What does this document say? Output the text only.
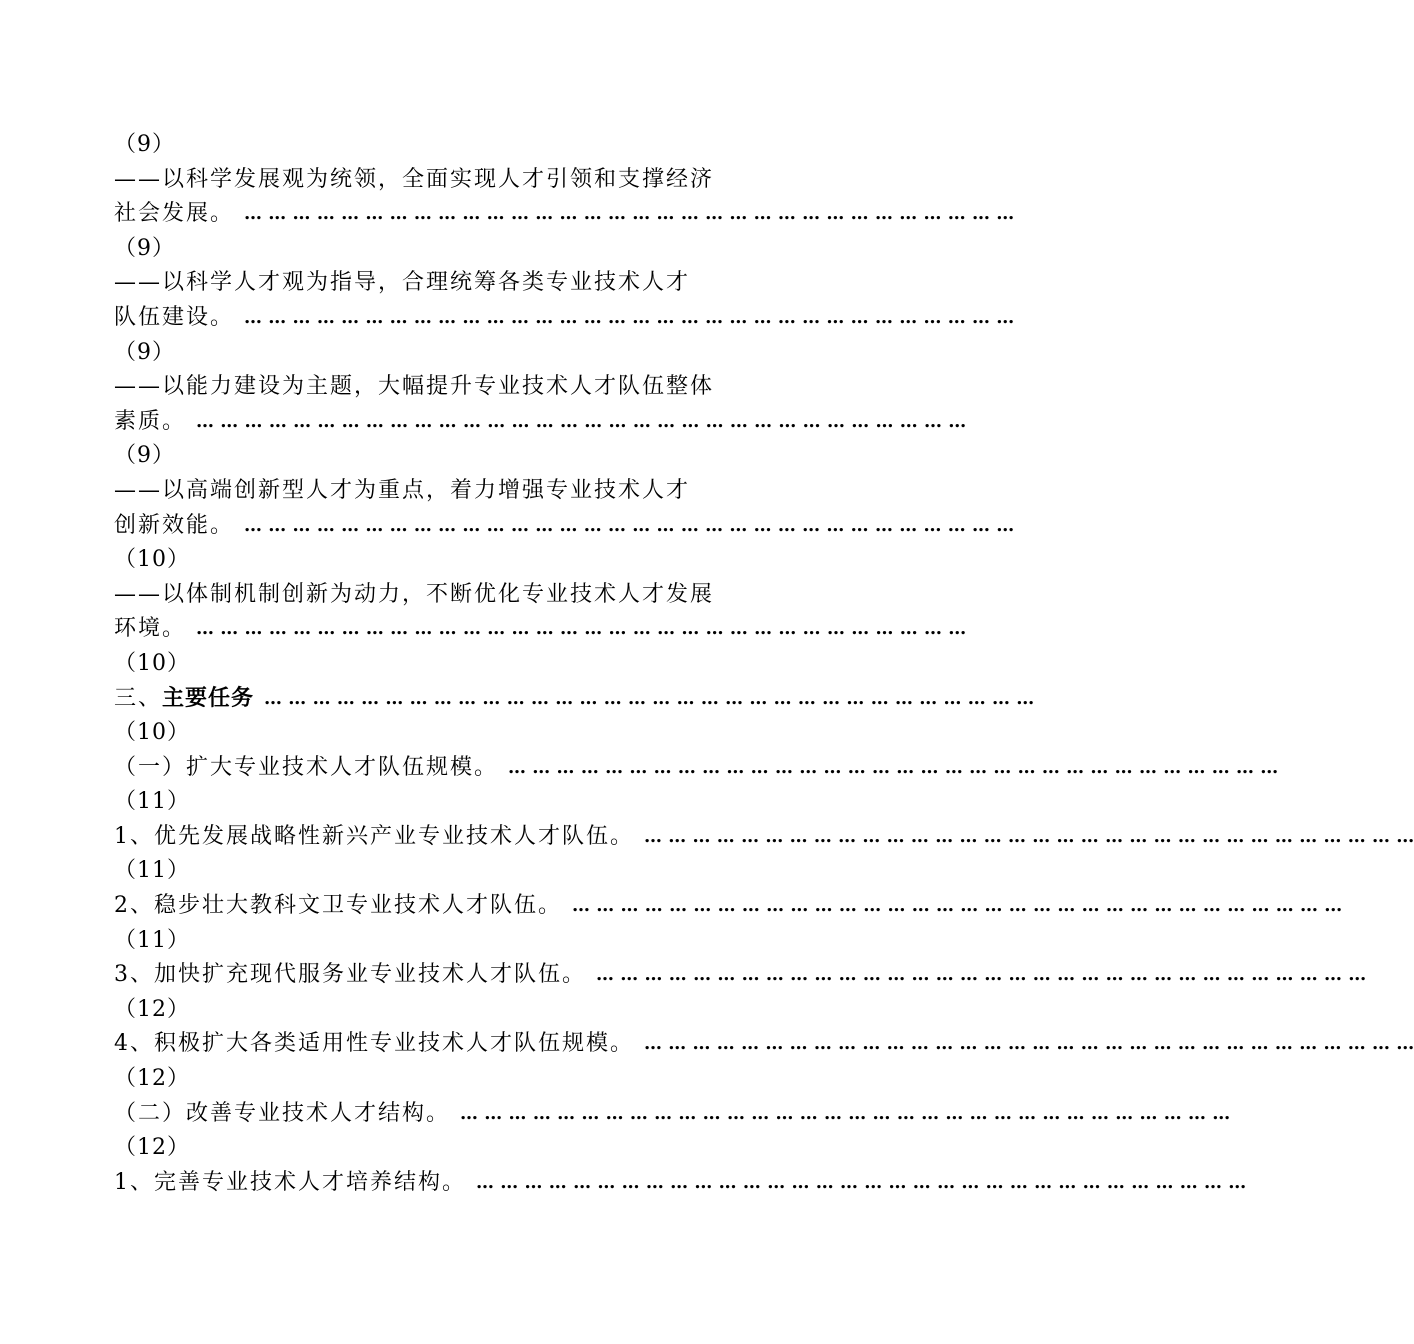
（9）
——以科学发展观为统领，全面实现人才引领和支撑经济
社会发展。 … … … … … … … … … … … … … … … … … … … … … … … … … … … … … … … …
（9）
——以科学人才观为指导，合理统筹各类专业技术人才
队伍建设。 … … … … … … … … … … … … … … … … … … … … … … … … … … … … … … … …
（9）
——以能力建设为主题，大幅提升专业技术人才队伍整体
素质。 … … … … … … … … … … … … … … … … … … … … … … … … … … … … … … … …
（9）
——以高端创新型人才为重点，着力增强专业技术人才
创新效能。 … … … … … … … … … … … … … … … … … … … … … … … … … … … … … … … …
（10）
——以体制机制创新为动力，不断优化专业技术人才发展
环境。 … … … … … … … … … … … … … … … … … … … … … … … … … … … … … … … …
（10）
三、 主要任务 … … … … … … … … … … … … … … … … … … … … … … … … … … … … … … … …
（10）
（一）扩大专业技术人才队伍规模。 … … … … … … … … … … … … … … … … … … … … … … … … … … … … … … … …
（11）
1、优先发展战略性新兴产业专业技术人才队伍。 … … … … … … … … … … … … … … … … … … … … … … … … … … … … … … … …
（11）
2、稳步壮大教科文卫专业技术人才队伍。 … … … … … … … … … … … … … … … … … … … … … … … … … … … … … … … …
（11）
3、加快扩充现代服务业专业技术人才队伍。 … … … … … … … … … … … … … … … … … … … … … … … … … … … … … … … …
（12）
4、积极扩大各类适用性专业技术人才队伍规模。 … … … … … … … … … … … … … … … … … … … … … … … … … … … … … … … …
（12）
（二）改善专业技术人才结构。 … … … … … … … … … … … … … … … … … … … … … … … … … … … … … … … …
（12）
1、完善专业技术人才培养结构。 … … … … … … … … … … … … … … … … … … … … … … … … … … … … … … … …
